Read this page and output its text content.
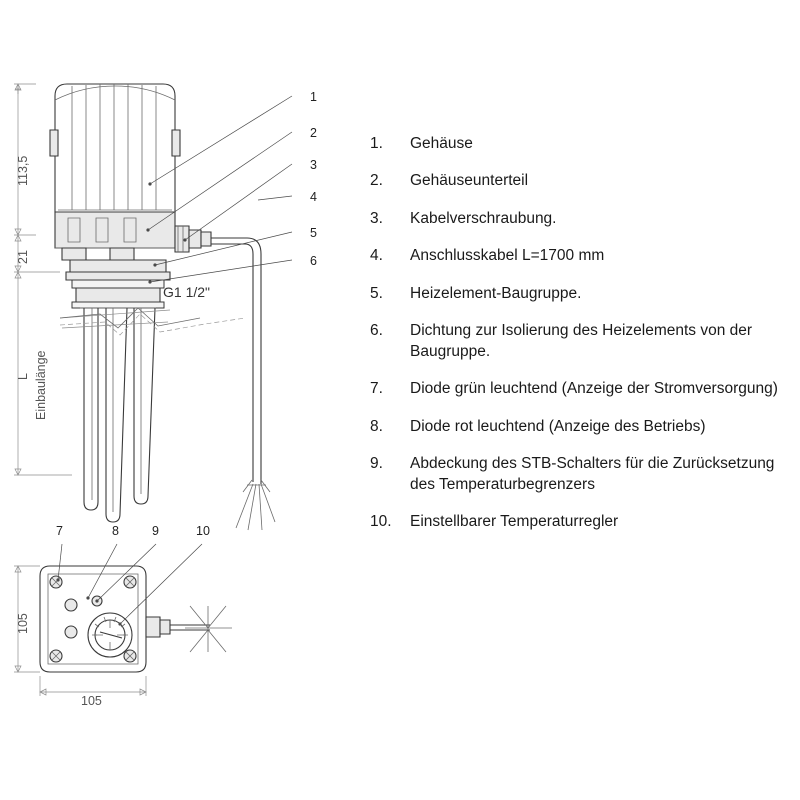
113,5
21
L Einbaulänge
G1 1/2"
1
2
3
4
5
6
7	8	9	10
105
105
1.	Gehäuse
2.	Gehäuseunterteil
3.	Kabelverschraubung.
4.	Anschlusskabel L=1700 mm
5.	Heizelement-Baugruppe.
6.	Dichtung zur Isolierung des Heizelements von der Baugruppe.
7.	Diode grün leuchtend (Anzeige der Stromversorgung)
8.	Diode rot leuchtend (Anzeige des Betriebs)
9.	Abdeckung des STB-Schalters für die Zurücksetzung des Temperaturbegrenzers
10.	Einstellbarer Temperaturregler
